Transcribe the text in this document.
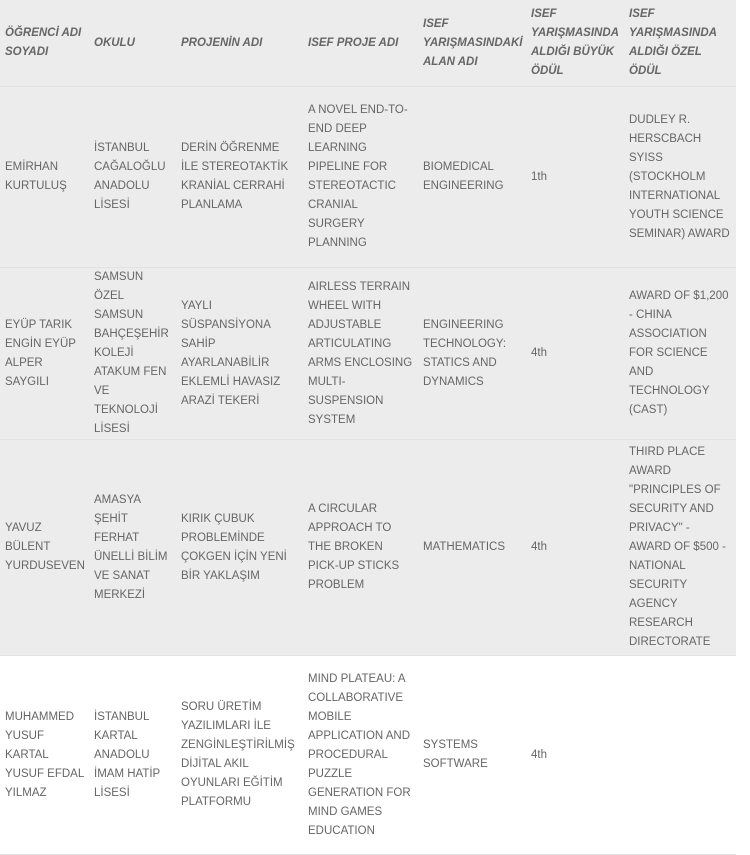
ÖĞRENCİ ADI SOYADI	OKULU	PROJENİN ADI	ISEF PROJE ADI	ISEF YARIŞMASINDAKİ ALAN ADI	ISEF YARIŞMASINDA ALDIĞI BÜYÜK ÖDÜL	ISEF YARIŞMASINDA ALDIĞI ÖZEL ÖDÜL
EMİRHAN KURTULUŞ	İSTANBUL CAĞALOĞLU ANADOLU LİSESİ	DERİN ÖĞRENME İLE STEREOTAKTİK KRANİAL CERRAHİ PLANLAMA	A NOVEL END-TO-END DEEP LEARNING PIPELINE FOR STEREOTACTIC CRANIAL SURGERY PLANNING	BIOMEDICAL ENGINEERING	1th	DUDLEY R. HERSCBACH SYISS (STOCKHOLM INTERNATIONAL YOUTH SCIENCE SEMINAR) AWARD
EYÜP TARIK ENGİN EYÜP ALPER SAYGILI	SAMSUN ÖZEL SAMSUN BAHÇEŞEHİR KOLEJİ ATAKUM FEN VE TEKNOLOJİ LİSESİ	YAYLI SÜSPANSİYONA SAHİP AYARLANABİLİR EKLEMLİ HAVASIZ ARAZİ TEKERİ	AIRLESS TERRAIN WHEEL WITH ADJUSTABLE ARTICULATING ARMS ENCLOSING MULTI-SUSPENSION SYSTEM	ENGINEERING TECHNOLOGY: STATICS AND DYNAMICS	4th	AWARD OF $1,200 - CHINA ASSOCIATION FOR SCIENCE AND TECHNOLOGY (CAST)
YAVUZ BÜLENT YURDUSEVEN	AMASYA ŞEHİT FERHAT ÜNELLİ BİLİM VE SANAT MERKEZİ	KIRIK ÇUBUK PROBLEMİNDE ÇOKGEN İÇİN YENİ BİR YAKLAŞIM	A CIRCULAR APPROACH TO THE BROKEN PICK-UP STICKS PROBLEM	MATHEMATICS	4th	THIRD PLACE AWARD "PRINCIPLES OF SECURITY AND PRIVACY" - AWARD OF $500 - NATIONAL SECURITY AGENCY RESEARCH DIRECTORATE
MUHAMMED YUSUF KARTAL YUSUF EFDAL YILMAZ	İSTANBUL KARTAL ANADOLU İMAM HATİP LİSESİ	SORU ÜRETİM YAZILIMLARI İLE ZENGİNLEŞTİRİLMİŞ DİJİTAL AKIL OYUNLARI EĞİTİM PLATFORMU	MIND PLATEAU: A COLLABORATIVE MOBILE APPLICATION AND PROCEDURAL PUZZLE GENERATION FOR MIND GAMES EDUCATION	SYSTEMS SOFTWARE	4th	
